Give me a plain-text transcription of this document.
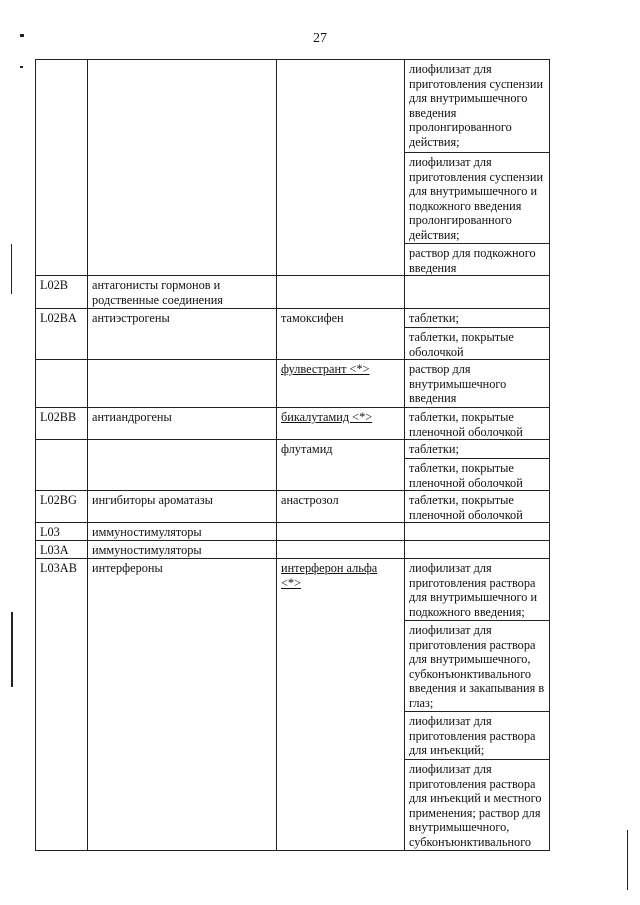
27
			лиофилизат для приготовления суспензии для внутримышечного введения пролонгированного действия;
			лиофилизат для приготовления суспензии для внутримышечного и подкожного введения пролонгированного действия;
			раствор для подкожного введения
L02B	антагонисты гормонов и родственные соединения		
L02BA	антиэстрогены	тамоксифен	таблетки;
			таблетки, покрытые оболочкой
		фулвестрант <*>	раствор для внутримышечного введения
L02BB	антиандрогены	бикалутамид <*>	таблетки, покрытые пленочной оболочкой
		флутамид	таблетки;
			таблетки, покрытые пленочной оболочкой
L02BG	ингибиторы ароматазы	анастрозол	таблетки, покрытые пленочной оболочкой
L03	иммуностимуляторы		
L03A	иммуностимуляторы		
L03AB	интерфероны	интерферон альфа <*>	лиофилизат для приготовления раствора для внутримышечного и подкожного введения;
			лиофилизат для приготовления раствора для внутримышечного, субконъюнктивального введения и закапывания в глаз;
			лиофилизат для приготовления раствора для инъекций;
			лиофилизат для приготовления раствора для инъекций и местного применения; раствор для внутримышечного, субконъюнктивального
